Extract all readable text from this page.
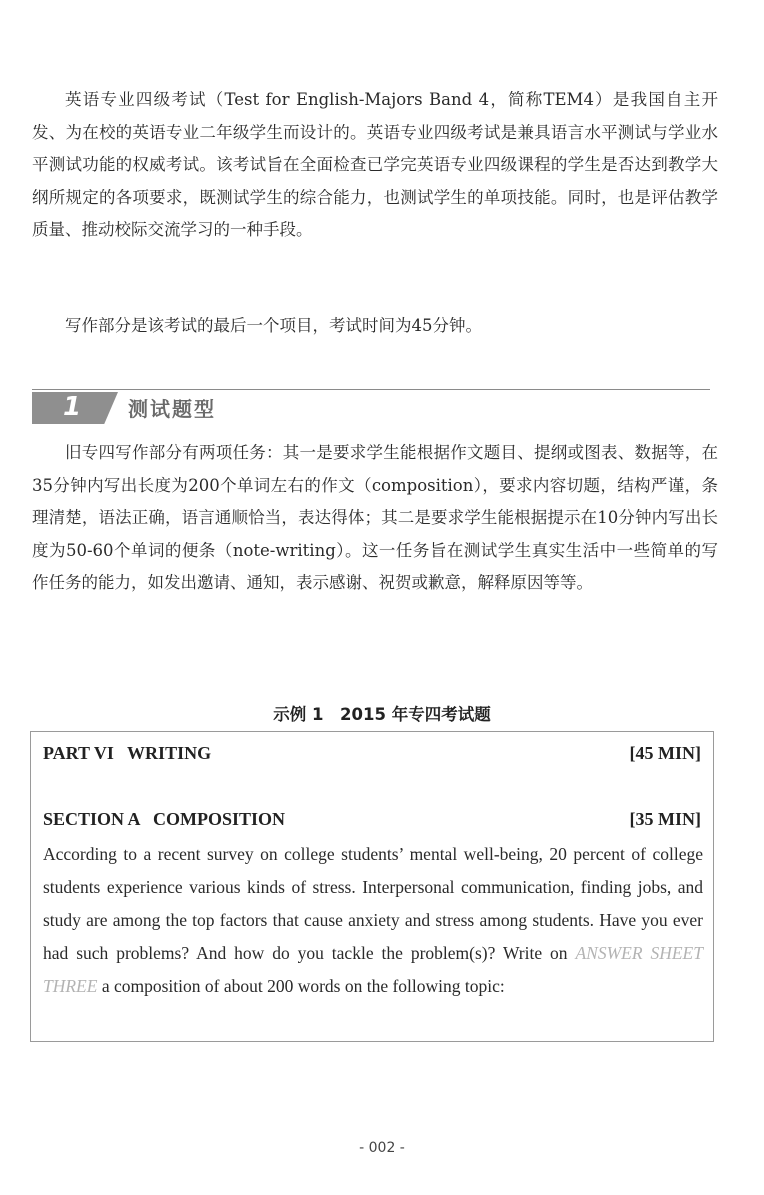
英语专业四级考试（Test for English-Majors Band 4，简称TEM4）是我国自主开发、为在校的英语专业二年级学生而设计的。英语专业四级考试是兼具语言水平测试与学业水平测试功能的权威考试。该考试旨在全面检查已学完英语专业四级课程的学生是否达到教学大纲所规定的各项要求，既测试学生的综合能力，也测试学生的单项技能。同时，也是评估教学质量、推动校际交流学习的一种手段。

写作部分是该考试的最后一个项目，考试时间为45分钟。

1	测试题型

旧专四写作部分有两项任务：其一是要求学生能根据作文题目、提纲或图表、数据等，在35分钟内写出长度为200个单词左右的作文（composition），要求内容切题，结构严谨，条理清楚，语法正确，语言通顺恰当，表达得体；其二是要求学生能根据提示在10分钟内写出长度为50-60个单词的便条（note-writing）。这一任务旨在测试学生真实生活中一些简单的写作任务的能力，如发出邀请、通知，表示感谢、祝贺或歉意，解释原因等等。

示例 1　2015 年专四考试题
PART VI   WRITING	[45 MIN]
SECTION A   COMPOSITION	[35 MIN]

According to a recent survey on college students’ mental well-being, 20 percent of college students experience various kinds of stress. Interpersonal communication, finding jobs, and study are among the top factors that cause anxiety and stress among students. Have you ever had such problems? And how do you tackle the problem(s)? Write on ANSWER SHEET THREE a composition of about 200 words on the following topic:

- 002 -
